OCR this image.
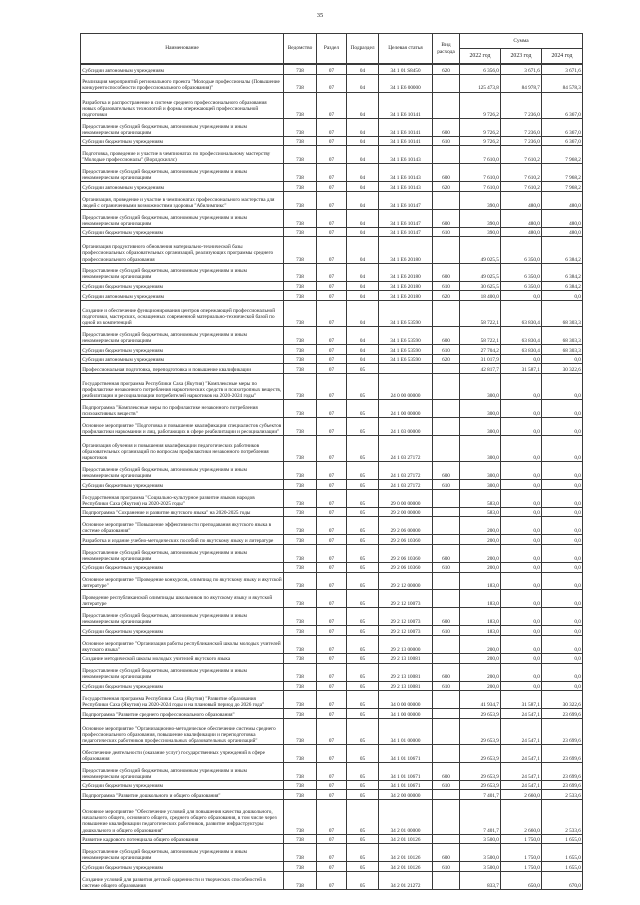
35
Наименование	Ведомство	Раздел	Подраздел	Целевая статья	Вид расхода	Сумма		
						2022 год	2023 год	2024 год
Субсидии автономным учреждениям	738	07	04	34 1 01 S8450	620	6 356,0	3 671,6	3 671,6
Реализация мероприятий регионального проекта "Молодые профессионалы (Повышение конкурентоспособности профессионального образования)"	738	07	04	34 1 E6 00000		125 473,8	84 978,7	84 578,3
Разработка и распространение в системе среднего профессионального образования новых образовательных технологий и формы опережающей профессиональной подготовки	738	07	04	34 1 E6 10141		9 726,2	7 236,0	6 367,0
Предоставление субсидий бюджетным, автономным учреждениям и иным некоммерческим организациям	738	07	04	34 1 E6 10141	600	9 726,2	7 236,0	6 367,0
Субсидии бюджетным учреждениям	738	07	04	34 1 E6 10141	610	9 726,2	7 236,0	6 367,0
Подготовка, проведение и участие в чемпионатах по профессиональному мастерству "Молодые профессионалы" (Ворлдскиллс)	738	07	04	34 1 E6 10143		7 610,0	7 610,2	7 968,2
Предоставление субсидий бюджетным, автономным учреждениям и иным некоммерческим организациям	738	07	04	34 1 E6 10143	600	7 610,0	7 610,2	7 968,2
Субсидии автономным учреждениям	738	07	04	34 1 E6 10143	620	7 610,0	7 610,2	7 968,2
Организация, проведение и участие в чемпионатах профессионального мастерства для людей с ограниченными возможностями здоровья "Абилимпикс"	738	07	04	34 1 E6 10147		390,0	480,0	480,0
Предоставление субсидий бюджетным, автономным учреждениям и иным некоммерческим организациям	738	07	04	34 1 E6 10147	600	390,0	480,0	480,0
Субсидии бюджетным учреждениям	738	07	04	34 1 E6 10147	610	390,0	480,0	480,0
Организация продуктивного обновления материально-технической базы профессиональных образовательных организаций, реализующих программы среднего профессионального образования	738	07	04	34 1 E6 20180		49 025,5	6 350,0	6 384,2
Предоставление субсидий бюджетным, автономным учреждениям и иным некоммерческим организациям	738	07	04	34 1 E6 20180	600	49 025,5	6 350,0	6 384,2
Субсидии бюджетным учреждениям	738	07	04	34 1 E6 20180	610	30 625,5	6 350,0	6 384,2
Субсидии автономным учреждениям	738	07	04	34 1 E6 20180	620	18 400,0	0,0	0,0
Создание и обеспечение функционирования центров опережающей профессиональной подготовки, мастерских, оснащенных современной материально-технической базой по одной из компетенций	738	07	04	34 1 E6 53590		58 722,1	63 830,4	68 303,3
Предоставление субсидий бюджетным, автономным учреждениям и иным некоммерческим организациям	738	07	04	34 1 E6 53590	600	58 722,1	63 830,4	68 303,3
Субсидии бюджетным учреждениям	738	07	04	34 1 E6 53590	610	27 704,2	63 830,4	68 303,3
Субсидии автономным учреждениям	738	07	04	34 1 E6 53590	620	31 017,9	0,0	0,0
Профессиональная подготовка, переподготовка и повышение квалификации	738	07	05			42 817,7	31 587,1	30 322,6
Государственная программа Республики Саха (Якутия) "Комплексные меры по профилактике незаконного потребления наркотических средств и психотропных веществ, реабилитации и ресоциализации потребителей наркотиков на 2020-2024 годы"	738	07	05	24 0 00 00000		300,0	0,0	0,0
Подпрограмма "Комплексные меры по профилактике незаконного потребления психоактивных веществ"	738	07	05	24 1 00 00000		300,0	0,0	0,0
Основное мероприятие "Подготовка и повышение квалификации специалистов субъектов профилактики наркомании и лиц, работающих в сфере реабилитации и ресоциализации"	738	07	05	24 1 03 00000		300,0	0,0	0,0
Организация обучения и повышения квалификации педагогических работников образовательных организаций по вопросам профилактики незаконного потребления наркотиков	738	07	05	24 1 03 27172		300,0	0,0	0,0
Предоставление субсидий бюджетным, автономным учреждениям и иным некоммерческим организациям	738	07	05	24 1 03 27172	600	300,0	0,0	0,0
Субсидии бюджетным учреждениям	738	07	05	24 1 03 27172	610	300,0	0,0	0,0
Государственная программа "Социально-культурное развитие языков народов Республики Саха (Якутия) на 2020-2025 годы"	738	07	05	29 0 00 00000		583,0	0,0	0,0
Подпрограмма "Сохранение и развитие якутского языка" на 2020-2025 годы	738	07	05	29 2 00 00000		583,0	0,0	0,0
Основное мероприятие "Повышение эффективности преподавания якутского языка в системе образования"	738	07	05	29 2 06 00000		200,0	0,0	0,0
Разработка и издание учебно-методических пособий по якутскому языку и литературе	738	07	05	29 2 06 10360		200,0	0,0	0,0
Предоставление субсидий бюджетным, автономным учреждениям и иным некоммерческим организациям	738	07	05	29 2 06 10360	600	200,0	0,0	0,0
Субсидии бюджетным учреждениям	738	07	05	29 2 06 10360	610	200,0	0,0	0,0
Основное мероприятие "Проведение конкурсов, олимпиад по якутскому языку и якутской литературе"	738	07	05	29 2 12 00000		183,0	0,0	0,0
Проведение республиканской олимпиады школьников по якутскому языку и якутской литературе	738	07	05	29 2 12 10073		183,0	0,0	0,0
Предоставление субсидий бюджетным, автономным учреждениям и иным некоммерческим организациям	738	07	05	29 2 12 10073	600	183,0	0,0	0,0
Субсидии бюджетным учреждениям	738	07	05	29 2 12 10073	610	183,0	0,0	0,0
Основное мероприятие "Организация работы республиканской школы молодых учителей якутского языка"	738	07	05	29 2 13 00000		200,0	0,0	0,0
Создание методической школы молодых учителей якутского языка	738	07	05	29 2 13 10081		200,0	0,0	0,0
Предоставление субсидий бюджетным, автономным учреждениям и иным некоммерческим организациям	738	07	05	29 2 13 10081	600	200,0	0,0	0,0
Субсидии бюджетным учреждениям	738	07	05	29 2 13 10081	610	200,0	0,0	0,0
Государственная программа Республики Саха (Якутия) "Развитие образования Республики Саха (Якутия) на 2020-2024 годы и на плановый период до 2026 года"	738	07	05	34 0 00 00000		41 934,7	31 587,1	30 322,6
Подпрограмма "Развитие среднего профессионального образования"	738	07	05	34 1 00 00000		29 653,9	24 547,1	23 699,6
Основное мероприятие "Организационно-методическое обеспечение системы среднего профессионального образования, повышение квалификации и переподготовка педагогических работников профессиональных образовательных организаций"	738	07	05	34 1 01 00000		29 653,9	24 547,1	23 699,6
Обеспечение деятельности (оказание услуг) государственных учреждений в сфере образования	738	07	05	34 1 01 10671		29 653,9	24 547,1	23 699,6
Предоставление субсидий бюджетным, автономным учреждениям и иным некоммерческим организациям	738	07	05	34 1 01 10671	600	29 653,9	24 547,1	23 699,6
Субсидии бюджетным учреждениям	738	07	05	34 1 01 10671	610	29 653,9	24 547,1	23 699,6
Подпрограмма "Развитие дошкольного и общего образования"	738	07	05	34 2 00 00000		7 401,7	2 660,0	2 533,6
Основное мероприятие "Обеспечение условий для повышения качества дошкольного, начального общего, основного общего, среднего общего образования, в том числе через повышение квалификации педагогических работников, развитие инфраструктуры дошкольного и общего образования"	738	07	05	34 2 01 00000		7 401,7	2 660,0	2 533,6
Развитие кадрового потенциала общего образования	738	07	05	34 2 01 10126		3 500,0	1 750,0	1 655,0
Предоставление субсидий бюджетным, автономным учреждениям и иным некоммерческим организациям	738	07	05	34 2 01 10126	600	3 500,0	1 750,0	1 655,0
Субсидии бюджетным учреждениям	738	07	05	34 2 01 10126	610	3 500,0	1 750,0	1 655,0
Создание условий для развития детской одаренности и творческих способностей в системе общего образования	738	07	05	34 2 01 21272		833,7	650,0	670,0
